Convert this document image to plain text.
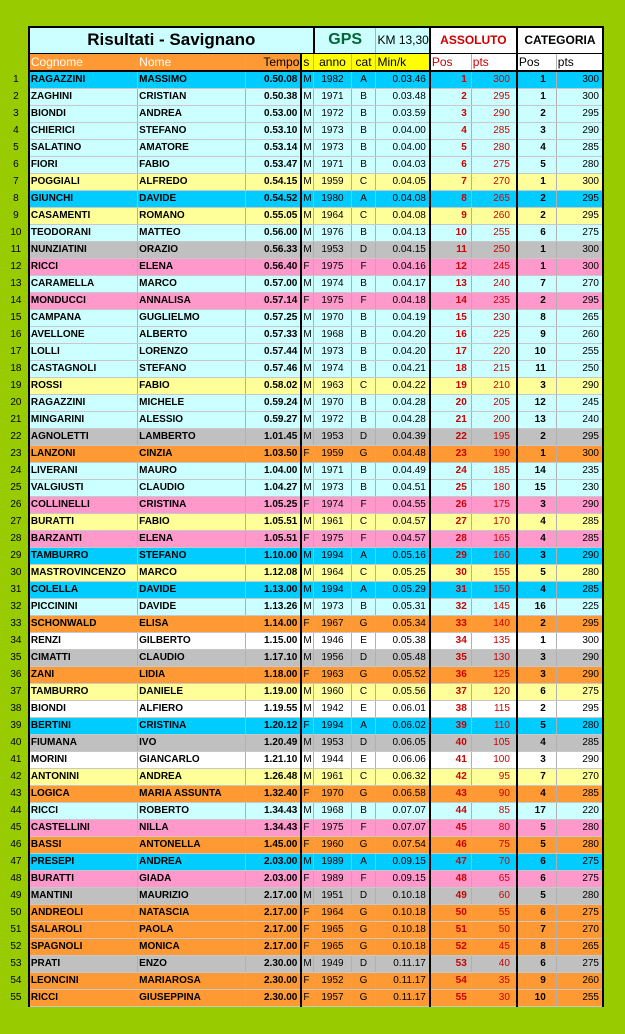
	Risultati - Savignano				GPS		KM 13,30	ASSOLUTO		CATEGORIA	
	Cognome	Nome	Tempo	s	anno	cat	Min/k	Pos	pts	Pos	pts
1	RAGAZZINI	MASSIMO	0.50.08	M	1982	A	0.03.46	1	300	1	300
2	ZAGHINI	CRISTIAN	0.50.38	M	1971	B	0.03.48	2	295	1	300
3	BIONDI	ANDREA	0.53.00	M	1972	B	0.03.59	3	290	2	295
4	CHIERICI	STEFANO	0.53.10	M	1973	B	0.04.00	4	285	3	290
5	SALATINO	AMATORE	0.53.14	M	1973	B	0.04.00	5	280	4	285
6	FIORI	FABIO	0.53.47	M	1971	B	0.04.03	6	275	5	280
7	POGGIALI	ALFREDO	0.54.15	M	1959	C	0.04.05	7	270	1	300
8	GIUNCHI	DAVIDE	0.54.52	M	1980	A	0.04.08	8	265	2	295
9	CASAMENTI	ROMANO	0.55.05	M	1964	C	0.04.08	9	260	2	295
10	TEODORANI	MATTEO	0.56.00	M	1976	B	0.04.13	10	255	6	275
11	NUNZIATINI	ORAZIO	0.56.33	M	1953	D	0.04.15	11	250	1	300
12	RICCI	ELENA	0.56.40	F	1975	F	0.04.16	12	245	1	300
13	CARAMELLA	MARCO	0.57.00	M	1974	B	0.04.17	13	240	7	270
14	MONDUCCI	ANNALISA	0.57.14	F	1975	F	0.04.18	14	235	2	295
15	CAMPANA	GUGLIELMO	0.57.25	M	1970	B	0.04.19	15	230	8	265
16	AVELLONE	ALBERTO	0.57.33	M	1968	B	0.04.20	16	225	9	260
17	LOLLI	LORENZO	0.57.44	M	1973	B	0.04.20	17	220	10	255
18	CASTAGNOLI	STEFANO	0.57.46	M	1974	B	0.04.21	18	215	11	250
19	ROSSI	FABIO	0.58.02	M	1963	C	0.04.22	19	210	3	290
20	RAGAZZINI	MICHELE	0.59.24	M	1970	B	0.04.28	20	205	12	245
21	MINGARINI	ALESSIO	0.59.27	M	1972	B	0.04.28	21	200	13	240
22	AGNOLETTI	LAMBERTO	1.01.45	M	1953	D	0.04.39	22	195	2	295
23	LANZONI	CINZIA	1.03.50	F	1959	G	0.04.48	23	190	1	300
24	LIVERANI	MAURO	1.04.00	M	1971	B	0.04.49	24	185	14	235
25	VALGIUSTI	CLAUDIO	1.04.27	M	1973	B	0.04.51	25	180	15	230
26	COLLINELLI	CRISTINA	1.05.25	F	1974	F	0.04.55	26	175	3	290
27	BURATTI	FABIO	1.05.51	M	1961	C	0.04.57	27	170	4	285
28	BARZANTI	ELENA	1.05.51	F	1975	F	0.04.57	28	165	4	285
29	TAMBURRO	STEFANO	1.10.00	M	1994	A	0.05.16	29	160	3	290
30	MASTROVINCENZO	MARCO	1.12.08	M	1964	C	0.05.25	30	155	5	280
31	COLELLA	DAVIDE	1.13.00	M	1994	A	0.05.29	31	150	4	285
32	PICCININI	DAVIDE	1.13.26	M	1973	B	0.05.31	32	145	16	225
33	SCHONWALD	ELISA	1.14.00	F	1967	G	0.05.34	33	140	2	295
34	RENZI	GILBERTO	1.15.00	M	1946	E	0.05.38	34	135	1	300
35	CIMATTI	CLAUDIO	1.17.10	M	1956	D	0.05.48	35	130	3	290
36	ZANI	LIDIA	1.18.00	F	1963	G	0.05.52	36	125	3	290
37	TAMBURRO	DANIELE	1.19.00	M	1960	C	0.05.56	37	120	6	275
38	BIONDI	ALFIERO	1.19.55	M	1942	E	0.06.01	38	115	2	295
39	BERTINI	CRISTINA	1.20.12	F	1994	A	0.06.02	39	110	5	280
40	FIUMANA	IVO	1.20.49	M	1953	D	0.06.05	40	105	4	285
41	MORINI	GIANCARLO	1.21.10	M	1944	E	0.06.06	41	100	3	290
42	ANTONINI	ANDREA	1.26.48	M	1961	C	0.06.32	42	95	7	270
43	LOGICA	MARIA ASSUNTA	1.32.40	F	1970	G	0.06.58	43	90	4	285
44	RICCI	ROBERTO	1.34.43	M	1968	B	0.07.07	44	85	17	220
45	CASTELLINI	NILLA	1.34.43	F	1975	F	0.07.07	45	80	5	280
46	BASSI	ANTONELLA	1.45.00	F	1960	G	0.07.54	46	75	5	280
47	PRESEPI	ANDREA	2.03.00	M	1989	A	0.09.15	47	70	6	275
48	BURATTI	GIADA	2.03.00	F	1989	F	0.09.15	48	65	6	275
49	MANTINI	MAURIZIO	2.17.00	M	1951	D	0.10.18	49	60	5	280
50	ANDREOLI	NATASCIA	2.17.00	F	1964	G	0.10.18	50	55	6	275
51	SALAROLI	PAOLA	2.17.00	F	1965	G	0.10.18	51	50	7	270
52	SPAGNOLI	MONICA	2.17.00	F	1965	G	0.10.18	52	45	8	265
53	PRATI	ENZO	2.30.00	M	1949	D	0.11.17	53	40	6	275
54	LEONCINI	MARIAROSA	2.30.00	F	1952	G	0.11.17	54	35	9	260
55	RICCI	GIUSEPPINA	2.30.00	F	1957	G	0.11.17	55	30	10	255
